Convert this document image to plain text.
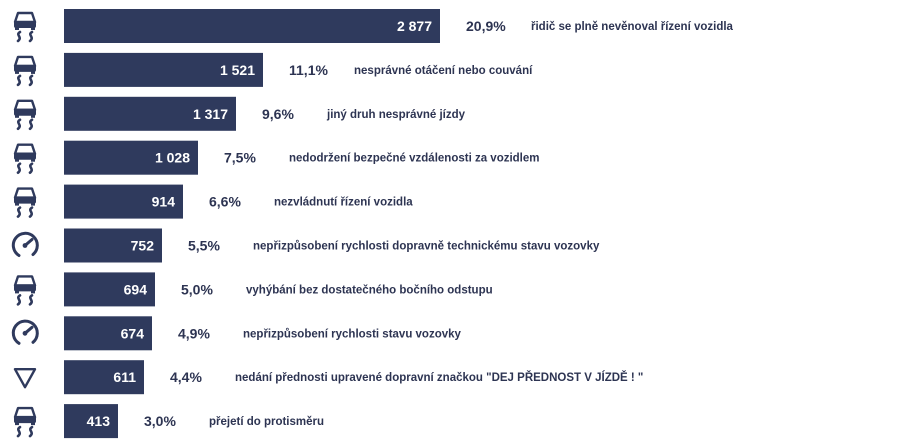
2 877 20,9% řidič se plně nevěnoval řízení vozidla
1 521 11,1% nesprávné otáčení nebo couvání
1 317 9,6%	jiný druh nesprávné jízdy
1 028 7,5%	nedodržení bezpečné vzdálenosti za vozidlem
914 6,6%	nezvládnutí řízení vozidla
752 5,5%	nepřizpůsobení rychlosti dopravně technickému stavu vozovky
694 5,0%	vyhýbání bez dostatečného bočního odstupu
674 4,9%	nepřizpůsobení rychlosti stavu vozovky
611 4,4%	nedání přednosti upravené dopravní značkou "DEJ PŘEDNOST V JÍZDĚ ! "
413 3,0%	přejetí do protisměru
